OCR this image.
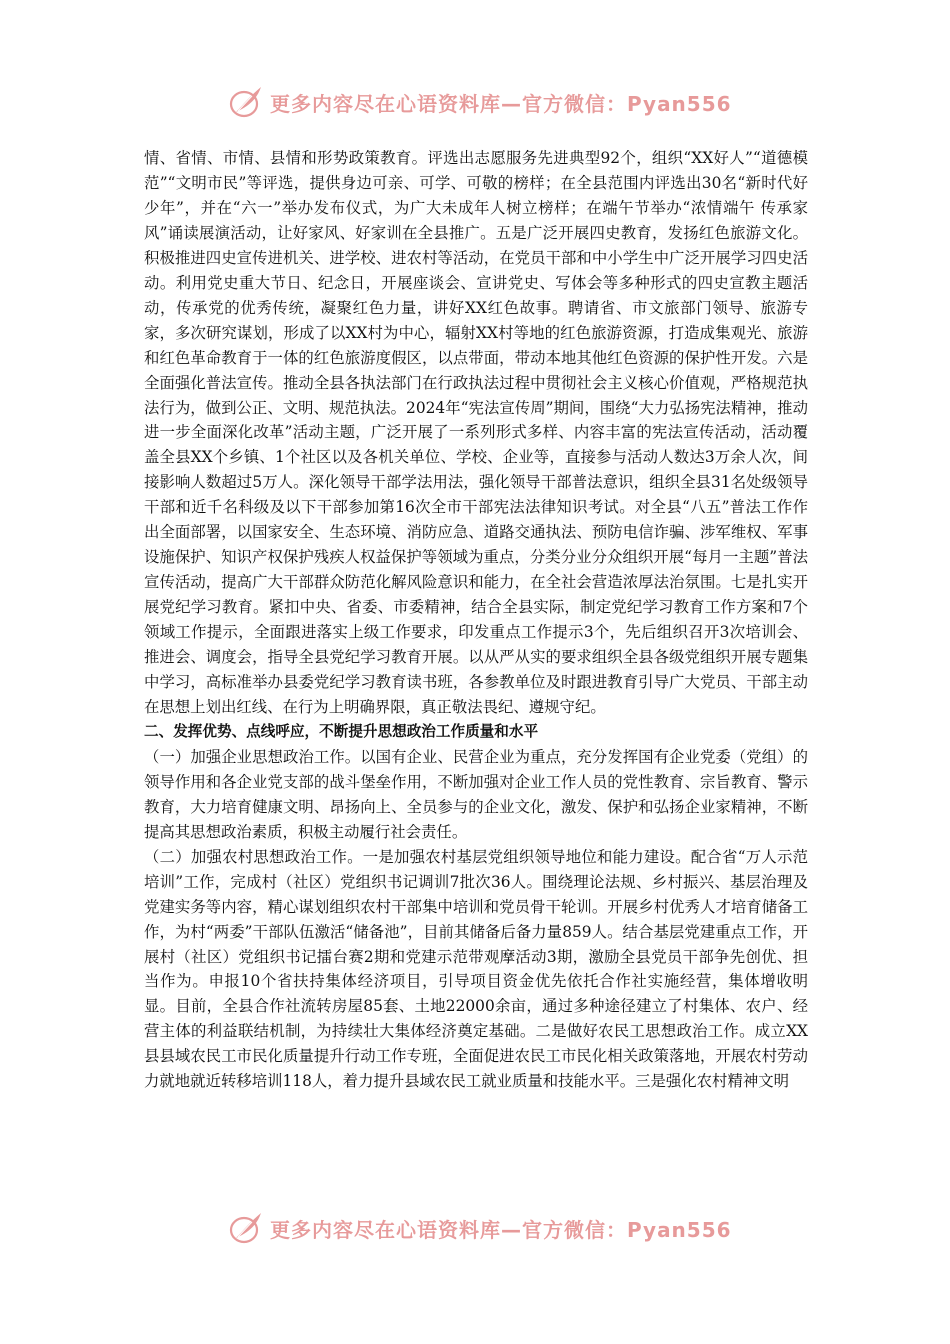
更多内容尽在心语资料库—官方微信：Pyan556

情、省情、市情、县情和形势政策教育。评选出志愿服务先进典型92个，组织“XX好人”“道德模范”“文明市民”等评选，提供身边可亲、可学、可敬的榜样；在全县范围内评选出30名“新时代好少年”，并在“六一”举办发布仪式，为广大未成年人树立榜样；在端午节举办“浓情端午 传承家风”诵读展演活动，让好家风、好家训在全县推广。五是广泛开展四史教育，发扬红色旅游文化。积极推进四史宣传进机关、进学校、进农村等活动，在党员干部和中小学生中广泛开展学习四史活动。利用党史重大节日、纪念日，开展座谈会、宣讲党史、写体会等多种形式的四史宣教主题活动，传承党的优秀传统，凝聚红色力量，讲好XX红色故事。聘请省、市文旅部门领导、旅游专家，多次研究谋划，形成了以XX村为中心，辐射XX村等地的红色旅游资源，打造成集观光、旅游和红色革命教育于一体的红色旅游度假区，以点带面，带动本地其他红色资源的保护性开发。六是全面强化普法宣传。推动全县各执法部门在行政执法过程中贯彻社会主义核心价值观，严格规范执法行为，做到公正、文明、规范执法。2024年“宪法宣传周”期间，围绕“大力弘扬宪法精神，推动进一步全面深化改革”活动主题，广泛开展了一系列形式多样、内容丰富的宪法宣传活动，活动覆盖全县XX个乡镇、1个社区以及各机关单位、学校、企业等，直接参与活动人数达3万余人次，间接影响人数超过5万人。深化领导干部学法用法，强化领导干部普法意识，组织全县31名处级领导干部和近千名科级及以下干部参加第16次全市干部宪法法律知识考试。对全县“八五”普法工作作出全面部署，以国家安全、生态环境、消防应急、道路交通执法、预防电信诈骗、涉军维权、军事设施保护、知识产权保护残疾人权益保护等领域为重点，分类分业分众组织开展“每月一主题”普法宣传活动，提高广大干部群众防范化解风险意识和能力，在全社会营造浓厚法治氛围。七是扎实开展党纪学习教育。紧扣中央、省委、市委精神，结合全县实际，制定党纪学习教育工作方案和7个领域工作提示，全面跟进落实上级工作要求，印发重点工作提示3个，先后组织召开3次培训会、推进会、调度会，指导全县党纪学习教育开展。以从严从实的要求组织全县各级党组织开展专题集中学习，高标准举办县委党纪学习教育读书班，各参教单位及时跟进教育引导广大党员、干部主动在思想上划出红线、在行为上明确界限，真正敬法畏纪、遵规守纪。

二、发挥优势、点线呼应，不断提升思想政治工作质量和水平

（一）加强企业思想政治工作。以国有企业、民营企业为重点，充分发挥国有企业党委（党组）的领导作用和各企业党支部的战斗堡垒作用，不断加强对企业工作人员的党性教育、宗旨教育、警示教育，大力培育健康文明、昂扬向上、全员参与的企业文化，激发、保护和弘扬企业家精神，不断提高其思想政治素质，积极主动履行社会责任。

（二）加强农村思想政治工作。一是加强农村基层党组织领导地位和能力建设。配合省“万人示范培训”工作，完成村（社区）党组织书记调训7批次36人。围绕理论法规、乡村振兴、基层治理及党建实务等内容，精心谋划组织农村干部集中培训和党员骨干轮训。开展乡村优秀人才培育储备工作，为村“两委”干部队伍激活“储备池”，目前其储备后备力量859人。结合基层党建重点工作，开展村（社区）党组织书记擂台赛2期和党建示范带观摩活动3期，激励全县党员干部争先创优、担当作为。申报10个省扶持集体经济项目，引导项目资金优先依托合作社实施经营，集体增收明显。目前，全县合作社流转房屋85套、土地22000余亩，通过多种途径建立了村集体、农户、经营主体的利益联结机制，为持续壮大集体经济奠定基础。二是做好农民工思想政治工作。成立XX县县域农民工市民化质量提升行动工作专班，全面促进农民工市民化相关政策落地，开展农村劳动力就地就近转移培训118人，着力提升县域农民工就业质量和技能水平。三是强化农村精神文明

更多内容尽在心语资料库—官方微信：Pyan556
